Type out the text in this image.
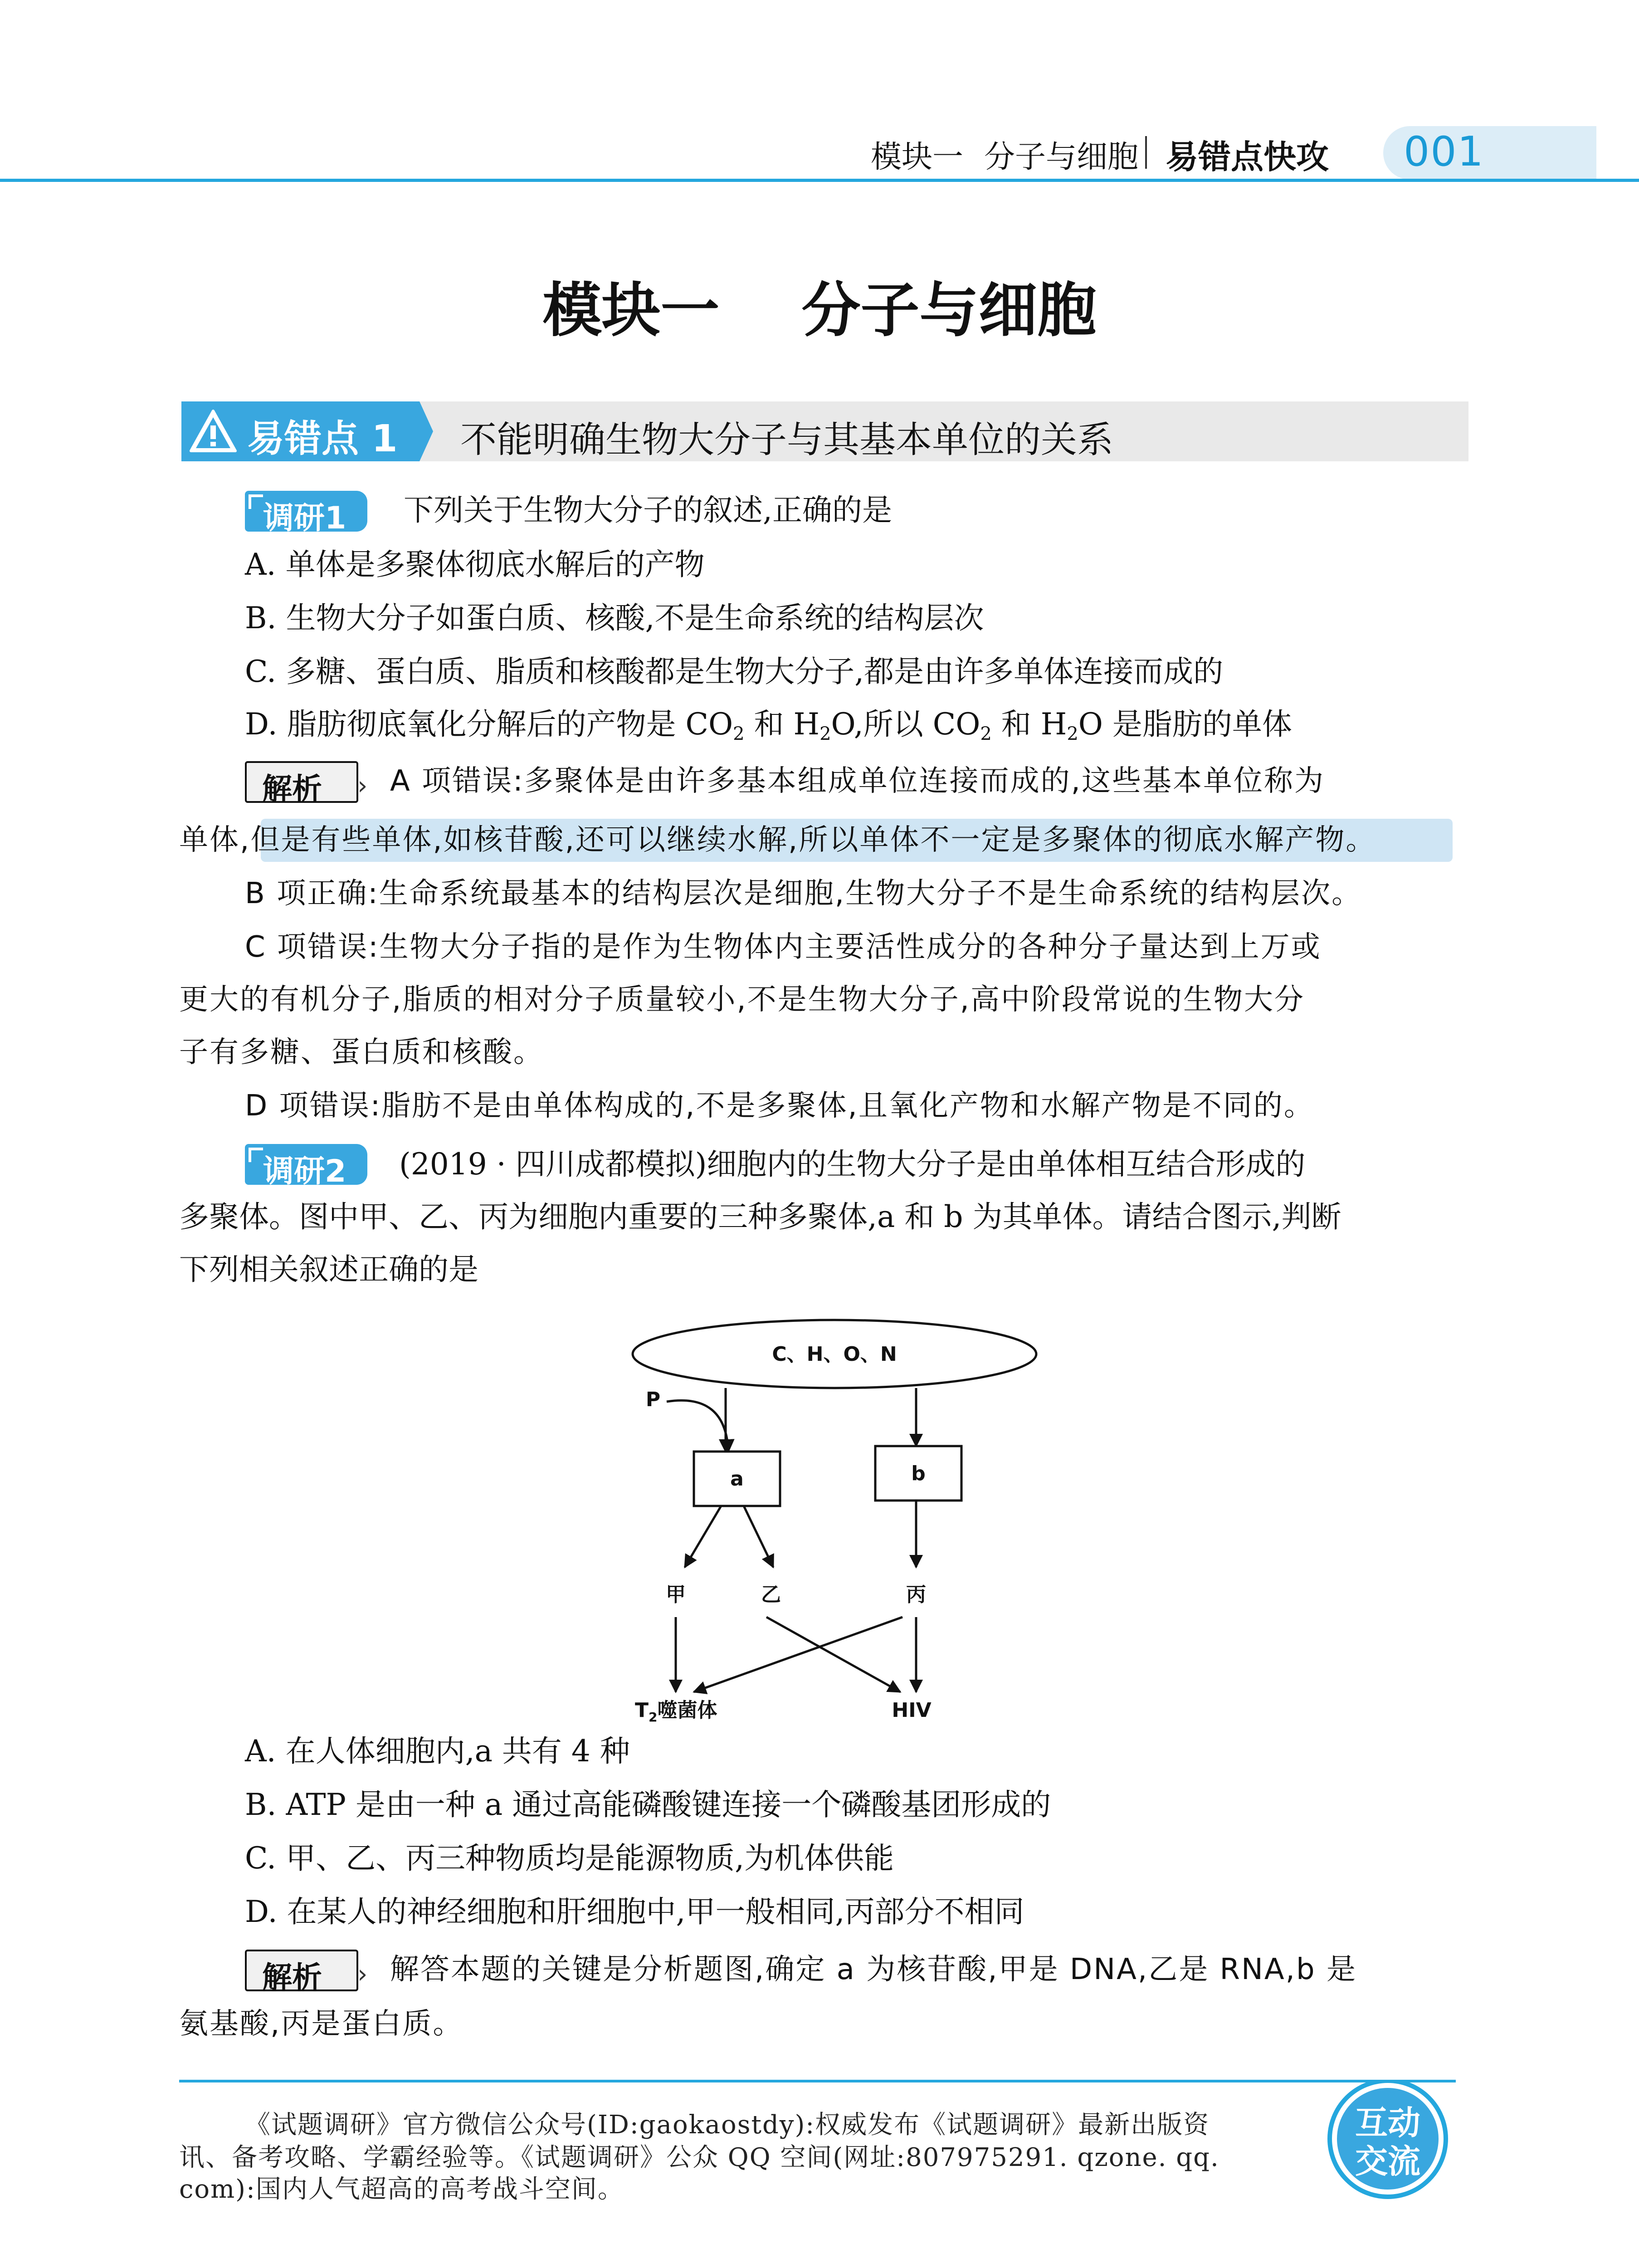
模块一 分子与细胞 易错点快攻 001
模块一    分子与细胞
易错点 1 不能明确生物大分子与其基本单位的关系
调研1 下列关于生物大分子的叙述,正确的是
A. 单体是多聚体彻底水解后的产物
B. 生物大分子如蛋白质、核酸,不是生命系统的结构层次
C. 多糖、蛋白质、脂质和核酸都是生物大分子,都是由许多单体连接而成的
D. 脂肪彻底氧化分解后的产物是 $CO_2$ 和 $H_2O$,所以 $CO_2$ 和 $H_2O$ 是脂肪的单体
解析 › A 项错误:多聚体是由许多基本组成单位连接而成的,这些基本单位称为
单体,但是有些单体,如核苷酸,还可以继续水解,所以单体不一定是多聚体的彻底水解产物。
B 项正确:生命系统最基本的结构层次是细胞,生物大分子不是生命系统的结构层次。
C 项错误:生物大分子指的是作为生物体内主要活性成分的各种分子量达到上万或
更大的有机分子,脂质的相对分子质量较小,不是生物大分子,高中阶段常说的生物大分
子有多糖、蛋白质和核酸。
D 项错误:脂肪不是由单体构成的,不是多聚体,且氧化产物和水解产物是不同的。
调研2 (2019 · 四川成都模拟)细胞内的生物大分子是由单体相互结合形成的
多聚体。图中甲、乙、丙为细胞内重要的三种多聚体,a 和 b 为其单体。请结合图示,判断
下列相关叙述正确的是
C、H、O、N
P
a	b
甲	乙	丙
$T_2$噬菌体	HIV
A. 在人体细胞内,a 共有 4 种
B. ATP 是由一种 a 通过高能磷酸键连接一个磷酸基团形成的
C. 甲、乙、丙三种物质均是能源物质,为机体供能
D. 在某人的神经细胞和肝细胞中,甲一般相同,丙部分不相同
解析 › 解答本题的关键是分析题图,确定 a 为核苷酸,甲是 DNA,乙是 RNA,b 是
氨基酸,丙是蛋白质。
《试题调研》官方微信公众号(ID:gaokaostdy):权威发布《试题调研》最新出版资
讯、备考攻略、学霸经验等。《试题调研》公众 QQ 空间(网址:807975291. qzone. qq.
com):国内人气超高的高考战斗空间。
互动
交流
